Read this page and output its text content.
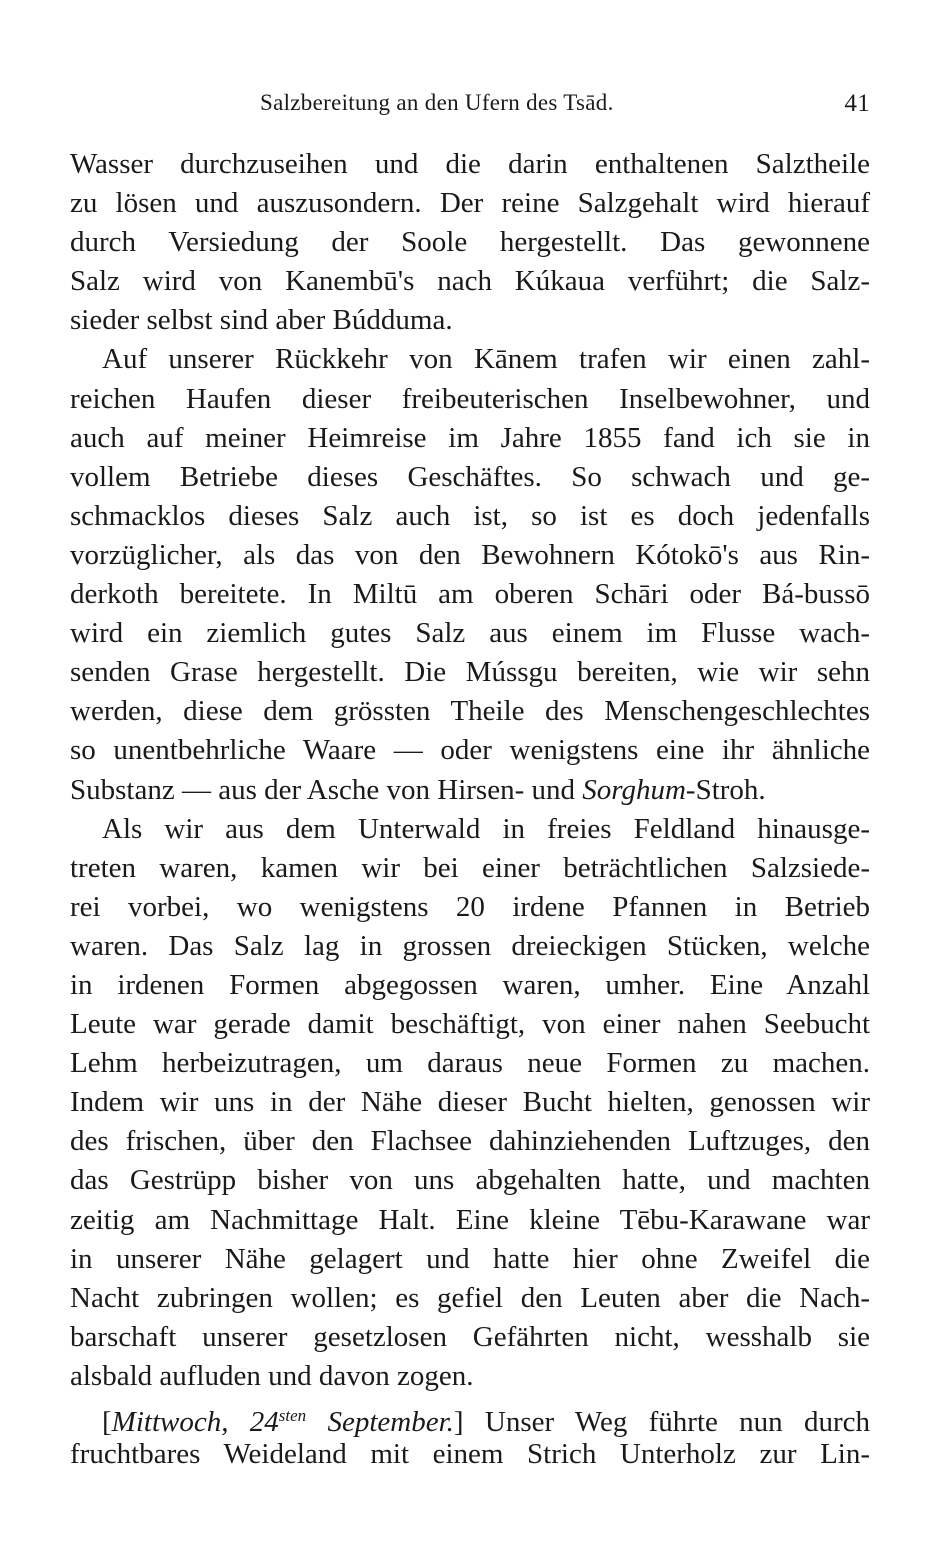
Salzbereitung an den Ufern des Tsād.	41
Wasser durchzuseihen und die darin enthaltenen Salztheile
zu lösen und auszusondern. Der reine Salzgehalt wird hierauf
durch Versiedung der Soole hergestellt. Das gewonnene
Salz wird von Kanembū's nach Kúkaua verführt; die Salz-
sieder selbst sind aber Búdduma.
Auf unserer Rückkehr von Kānem trafen wir einen zahl-
reichen Haufen dieser freibeuterischen Inselbewohner, und
auch auf meiner Heimreise im Jahre 1855 fand ich sie in
vollem Betriebe dieses Geschäftes. So schwach und ge-
schmacklos dieses Salz auch ist, so ist es doch jedenfalls
vorzüglicher, als das von den Bewohnern Kótokō's aus Rin-
derkoth bereitete. In Miltū am oberen Schāri oder Bá-bussō
wird ein ziemlich gutes Salz aus einem im Flusse wach-
senden Grase hergestellt. Die Mússgu bereiten, wie wir sehn
werden, diese dem grössten Theile des Menschengeschlechtes
so unentbehrliche Waare — oder wenigstens eine ihr ähnliche
Substanz — aus der Asche von Hirsen- und Sorghum-Stroh.
Als wir aus dem Unterwald in freies Feldland hinausge-
treten waren, kamen wir bei einer beträchtlichen Salzsiede-
rei vorbei, wo wenigstens 20 irdene Pfannen in Betrieb
waren. Das Salz lag in grossen dreieckigen Stücken, welche
in irdenen Formen abgegossen waren, umher. Eine Anzahl
Leute war gerade damit beschäftigt, von einer nahen Seebucht
Lehm herbeizutragen, um daraus neue Formen zu machen.
Indem wir uns in der Nähe dieser Bucht hielten, genossen wir
des frischen, über den Flachsee dahinziehenden Luftzuges, den
das Gestrüpp bisher von uns abgehalten hatte, und machten
zeitig am Nachmittage Halt. Eine kleine Tēbu-Karawane war
in unserer Nähe gelagert und hatte hier ohne Zweifel die
Nacht zubringen wollen; es gefiel den Leuten aber die Nach-
barschaft unserer gesetzlosen Gefährten nicht, wesshalb sie
alsbald aufluden und davon zogen.
[Mittwoch, $24^{sten}$ September.] Unser Weg führte nun durch
fruchtbares Weideland mit einem Strich Unterholz zur Lin-
